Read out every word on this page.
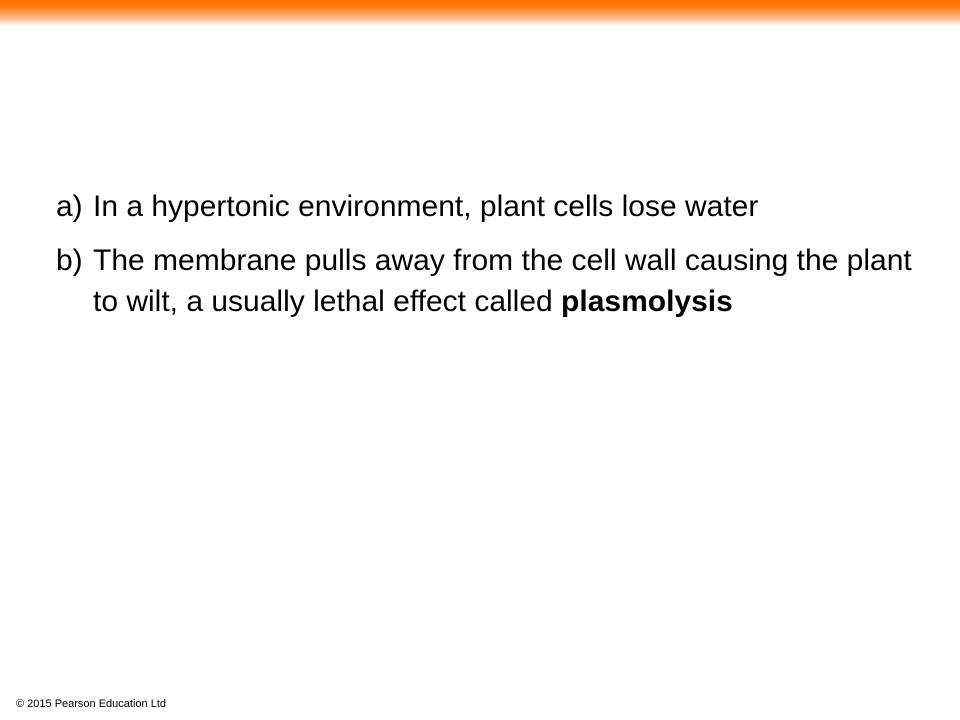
a) In a hypertonic environment, plant cells lose water
b) The membrane pulls away from the cell wall causing the plant to wilt, a usually lethal effect called plasmolysis
© 2015 Pearson Education Ltd
